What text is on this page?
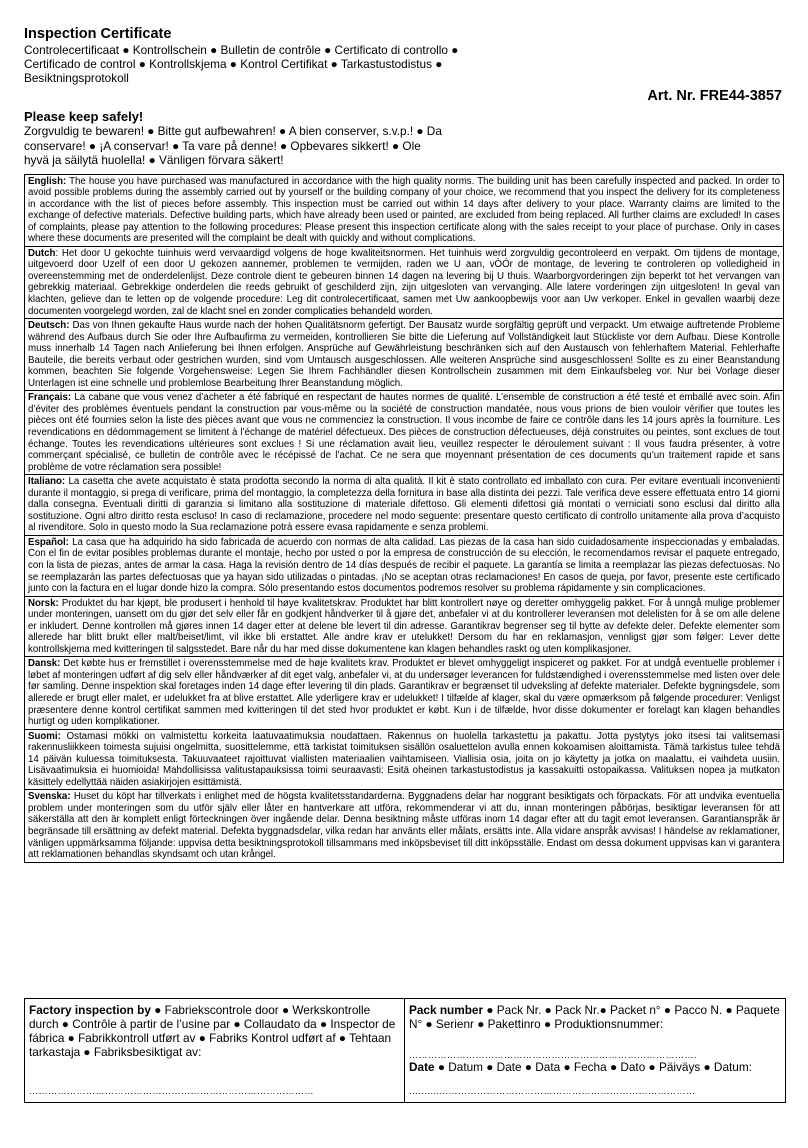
Inspection Certificate
Controlecertificaat ● Kontrollschein ● Bulletin de contrôle ● Certificato di controllo ● Certificado de control ● Kontrollskjema ● Kontrol Certifikat ● Tarkastustodistus ● Besiktningsprotokoll
Art. Nr. FRE44-3857
Please keep safely!
Zorgvuldig te bewaren! ● Bitte gut aufbewahren! ● A bien conserver, s.v.p.! ● Da conservare! ● ¡A conservar! ● Ta vare på denne! ● Opbevares sikkert! ● Ole hyvä ja säilytä huolella! ● Vänligen förvara säkert!
English: The house you have purchased was manufactured in accordance with the high quality norms. The building unit has been carefully inspected and packed. In order to avoid possible problems during the assembly carried out by yourself or the building company of your choice, we recommend that you inspect the delivery for its completeness in accordance with the list of pieces before assembly. This inspection must be carried out within 14 days after delivery to your place. Warranty claims are limited to the exchange of defective materials. Defective building parts, which have already been used or painted, are excluded from being replaced. All further claims are excluded! In cases of complaints, please pay attention to the following procedures: Please present this inspection certificate along with the sales receipt to your place of purchase. Only in cases where these documents are presented will the complaint be dealt with quickly and without complications.
Dutch: Het door U gekochte tuinhuis werd vervaardigd volgens de hoge kwaliteitsnormen. Het tuinhuis werd zorgvuldig gecontroleerd en verpakt. Om tijdens de montage, uitgevoerd door Uzelf of een door U gekozen aannemer, problemen te vermijden, raden we U aan, vÒÓr de montage, de levering te controleren op volledigheid in overeenstemming met de onderdelenlijst. Deze controle dient te gebeuren binnen 14 dagen na levering bij U thuis. Waarborgvorderingen zijn beperkt tot het vervangen van gebrekkig materiaal. Gebrekkige onderdelen die reeds gebruikt of geschilderd zijn, zijn uitgesloten van vervanging. Alle latere vorderingen zijn uitgesloten! In geval van klachten, gelieve dan te letten op de volgende procedure: Leg dit controlecertificaat, samen met Uw aankoopbewijs voor aan Uw verkoper. Enkel in gevallen waarbij deze documenten voorgelegd worden, zal de klacht snel en zonder complicaties behandeld worden.
Deutsch: Das von Ihnen gekaufte Haus wurde nach der hohen Qualitätsnorm gefertigt. Der Bausatz wurde sorgfältig geprüft und verpackt. Um etwaige auftretende Probleme während des Aufbaus durch Sie oder Ihre Aufbaufirma zu vermeiden, kontrollieren Sie bitte die Lieferung auf Vollständigkeit laut Stückliste vor dem Aufbau. Diese Kontrolle muss innerhalb 14 Tagen nach Anlieferung bei Ihnen erfolgen. Ansprüche auf Gewährleistung beschränken sich auf den Austausch von fehlerhaftem Material. Fehlerhafte Bauteile, die bereits verbaut oder gestrichen wurden, sind vom Umtausch ausgeschlossen. Alle weiteren Ansprüche sind ausgeschlossen! Sollte es zu einer Beanstandung kommen, beachten Sie folgende Vorgehensweise: Legen Sie Ihrem Fachhändler diesen Kontrollschein zusammen mit dem Einkaufsbeleg vor. Nur bei Vorlage dieser Unterlagen ist eine schnelle und problemlose Bearbeitung Ihrer Beanstandung möglich.
Français: La cabane que vous venez d’acheter a été fabriqué en respectant de hautes normes de qualité. L’ensemble de construction a été testé et emballé avec soin. Afin d’éviter des problèmes éventuels pendant la construction par vous-même ou la société de construction mandatée, nous vous prions de bien vouloir vérifier que toutes les pièces ont été fournies selon la liste des pièces avant que vous ne commenciez la construction. Il vous incombe de faire ce contrôle dans les 14 jours après la fourniture. Les revendications en dédommagement se limitent à l’échange de matériel défectueux. Des pièces de construction défectueuses, déjà construites ou peintes, sont exclues de tout échange. Toutes les revendications ultérieures sont exclues ! Si une réclamation avait lieu, veuillez respecter le déroulement suivant : Il vous faudra présenter, à votre commerçant spécialisé, ce bulletin de contrôle avec le récépissé de l’achat. Ce ne sera que moyennant présentation de ces documents qu’un traitement rapide et sans problème de votre réclamation sera possible!
Italiano: La casetta che avete acquistato è stata prodotta secondo la norma di alta qualità. Il kit è stato controllato ed imballato con cura. Per evitare eventuali inconvenienti durante il montaggio, si prega di verificare, prima del montaggio, la completezza della fornitura in base alla distinta dei pezzi. Tale verifica deve essere effettuata entro 14 giorni dalla consegna. Eventuali diritti di garanzia si limitano alla sostituzione di materiale difettoso. Gli elementi difettosi già montati o verniciati sono esclusi dal diritto alla sostituzione. Ogni altro diritto resta escluso! In caso di reclamazione, procedere nel modo seguente: presentare questo certificato di controllo unitamente alla prova d’acquisto al rivenditore. Solo in questo modo la Sua reclamazione potrà essere evasa rapidamente e senza problemi.
Español: La casa que ha adquirido ha sido fabricada de acuerdo con normas de alta calidad. Las piezas de la casa han sido cuidadosamente inspeccionadas y embaladas. Con el fin de evitar posibles problemas durante el montaje, hecho por usted o por la empresa de construcción de su elección, le recomendamos revisar el paquete entregado, con la lista de piezas, antes de armar la casa. Haga la revisión dentro de 14 días después de recibir el paquete. La garantía se limita a reemplazar las piezas defectuosas. No se reemplazarán las partes defectuosas que ya hayan sido utilizadas o pintadas. ¡No se aceptan otras reclamaciones! En casos de queja, por favor, presente este certificado junto con la factura en el lugar donde hizo la compra. Sólo presentando estos documentos podremos resolver su problema rápidamente y sin complicaciones.
Norsk: Produktet du har kjøpt, ble produsert i henhold til høye kvalitetskrav. Produktet har blitt kontrollert nøye og deretter omhyggelig pakket. For å unngå mulige problemer under monteringen, uansett om du gjør det selv eller får en godkjent håndverker til å gjøre det, anbefaler vi at du kontrollerer leveransen mot delelisten for å se om alle delene er inkludert. Denne kontrollen må gjøres innen 14 dager etter at delene ble levert til din adresse. Garantikrav begrenser seg til bytte av defekte deler. Defekte elementer som allerede har blitt brukt eller malt/beiset/limt, vil ikke bli erstattet. Alle andre krav er utelukket! Dersom du har en reklamasjon, vennligst gjør som følger: Lever dette kontrollskjema med kvitteringen til salgsstedet. Bare når du har med disse dokumentene kan klagen behandles raskt og uten komplikasjoner.
Dansk: Det købte hus er fremstillet i overensstemmelse med de høje kvalitets krav. Produktet er blevet omhyggeligt inspiceret og pakket. For at undgå eventuelle problemer i løbet af monteringen udført af dig selv eller håndværker af dit eget valg, anbefaler vi, at du undersøger leverancen for fuldstændighed i overensstemmelse med listen over dele før samling. Denne inspektion skal foretages inden 14 dage efter levering til din plads. Garantikrav er begrænset til udveksling af defekte materialer. Defekte bygningsdele, som allerede er brugt eller malet, er udelukket fra at blive erstattet. Alle yderligere krav er udelukket! I tilfælde af klager, skal du være opmærksom på følgende procedurer: Venligst præsentere denne kontrol certifikat sammen med kvitteringen til det sted hvor produktet er købt. Kun i de tilfælde, hvor disse dokumenter er forelagt kan klagen behandles hurtigt og uden komplikationer.
Suomi: Ostamasi mökki on valmistettu korkeita laatuvaatimuksia noudattaen. Rakennus on huolella tarkastettu ja pakattu. Jotta pystytys joko itsesi tai valitsemasi rakennusliikkeen toimesta sujuisi ongelmitta, suosittelemme, että tarkistat toimituksen sisällön osaluettelon avulla ennen kokoamisen aloittamista. Tämä tarkistus tulee tehdä 14 päivän kuluessa toimituksesta. Takuuvaateet rajoittuvat viallisten materiaalien vaihtamiseen. Viallisia osia, joita on jo käytetty ja jotka on maalattu, ei vaihdeta uusiin. Lisävaatimuksia ei huomioida! Mahdollisissa valitustapauksissa toimi seuraavasti: Esitä oheinen tarkastustodistus ja kassakuitti ostopaikassa. Valituksen nopea ja mutkaton käsittely edellyttää näiden asiakirjojen esittämistä.
Svenska: Huset du köpt har tillverkats i enlighet med de högsta kvalitetsstandarderna. Byggnadens delar har noggrant besiktigats och förpackats. För att undvika eventuella problem under monteringen som du utför själv eller låter en hantverkare att utföra, rekommenderar vi att du, innan monteringen påbörjas, besiktigar leveransen för att säkerställa att den är komplett enligt förteckningen över ingående delar. Denna besiktning måste utföras inom 14 dagar efter att du tagit emot leveransen. Garantianspråk är begränsade till ersättning av defekt material. Defekta byggnadsdelar, vilka redan har använts eller målats, ersätts inte. Alla vidare anspråk avvisas! I händelse av reklamationer, vänligen uppmärksamma följande: uppvisa detta besiktningsprotokoll tillsammans med inköpsbeviset till ditt inköpsställe. Endast om dessa dokument uppvisas kan vi garantera att reklamationen behandlas skyndsamt och utan krångel.
Factory inspection by ● Fabriekscontrole door ● Werkskontrolle durch ● Contrôle à partir de l’usine par ● Collaudato da ● Inspector de fábrica ● Fabrikkontroll utført av ● Fabriks Kontrol udført af ● Tehtaan tarkastaja ● Fabriksbesiktigat av:
………………………………………………………………………………
Pack number ● Pack Nr. ● Pack Nr.● Packet n° ● Pacco N. ● Paquete N° ● Serienr ● Pakettinro ● Produktionsnummer:
……………………………………………………………………………….
Date ● Datum ● Date ● Data ● Fecha ● Dato ● Päiväys ● Datum:
…..........……………………………………………………………………
